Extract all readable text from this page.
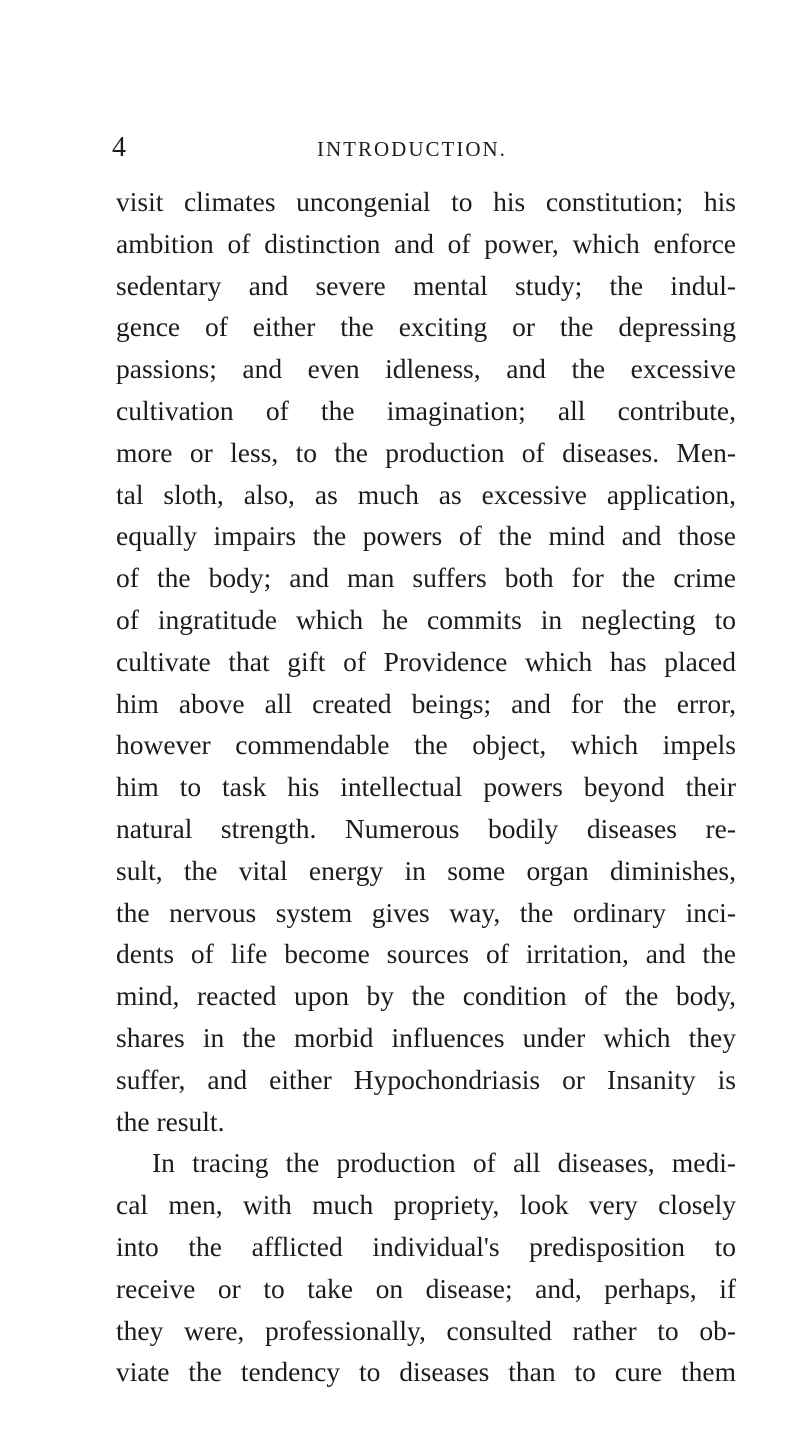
4	INTRODUCTION.
visit climates uncongenial to his constitution; his
ambition of distinction and of power, which enforce
sedentary and severe mental study; the indul-
gence of either the exciting or the depressing
passions; and even idleness, and the excessive
cultivation of the imagination; all contribute,
more or less, to the production of diseases. Men-
tal sloth, also, as much as excessive application,
equally impairs the powers of the mind and those
of the body; and man suffers both for the crime
of ingratitude which he commits in neglecting to
cultivate that gift of Providence which has placed
him above all created beings; and for the error,
however commendable the object, which impels
him to task his intellectual powers beyond their
natural strength. Numerous bodily diseases re-
sult, the vital energy in some organ diminishes,
the nervous system gives way, the ordinary inci-
dents of life become sources of irritation, and the
mind, reacted upon by the condition of the body,
shares in the morbid influences under which they
suffer, and either Hypochondriasis or Insanity is
the result.
In tracing the production of all diseases, medi-
cal men, with much propriety, look very closely
into the afflicted individual's predisposition to
receive or to take on disease; and, perhaps, if
they were, professionally, consulted rather to ob-
viate the tendency to diseases than to cure them
